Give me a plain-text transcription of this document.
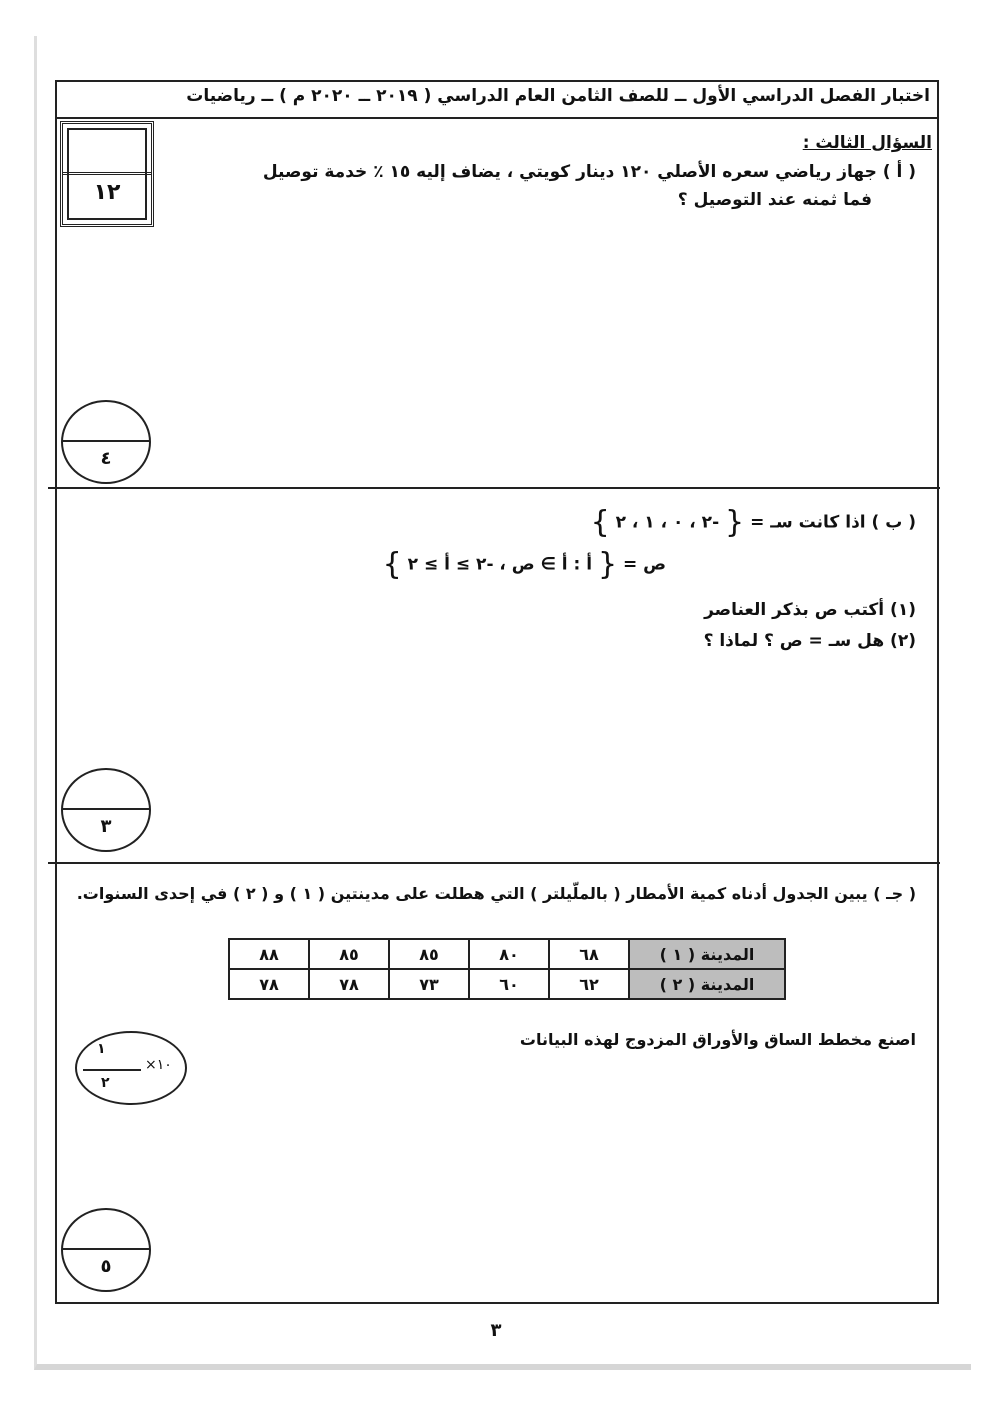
اختبار الفصل الدراسي الأول ــ للصف الثامن العام الدراسي ( ٢٠١٩ ــ ٢٠٢٠ م ) ــ رياضيات
١٢
السؤال الثالث :
( أ ) جهاز رياضي سعره الأصلي ١٢٠ دينار كويتي ، يضاف إليه ١٥ ٪ خدمة توصيل
فما ثمنه عند التوصيل ؟
٤
( ب ) اذا كانت سـ = { -٢ ، ٠ ، ١ ، ٢ }
ص = { أ : أ ∋ ص ، -٢ ≥ أ ≥ ٢ }
(١) أكتب ص بذكر العناصر
(٢) هل سـ = ص ؟ لماذا ؟
٣
( جـ ) يبين الجدول أدناه كمية الأمطار ( بالملّيلتر ) التي هطلت على مدينتين ( ١ ) و ( ٢ ) في إحدى السنوات.
المدينة ( ١ )	٦٨	٨٠	٨٥	٨٥	٨٨
المدينة ( ٢ )	٦٢	٦٠	٧٣	٧٨	٧٨
اصنع مخطط الساق والأوراق المزدوج لهذه البيانات
١
٢
×١٠
٥
٣
